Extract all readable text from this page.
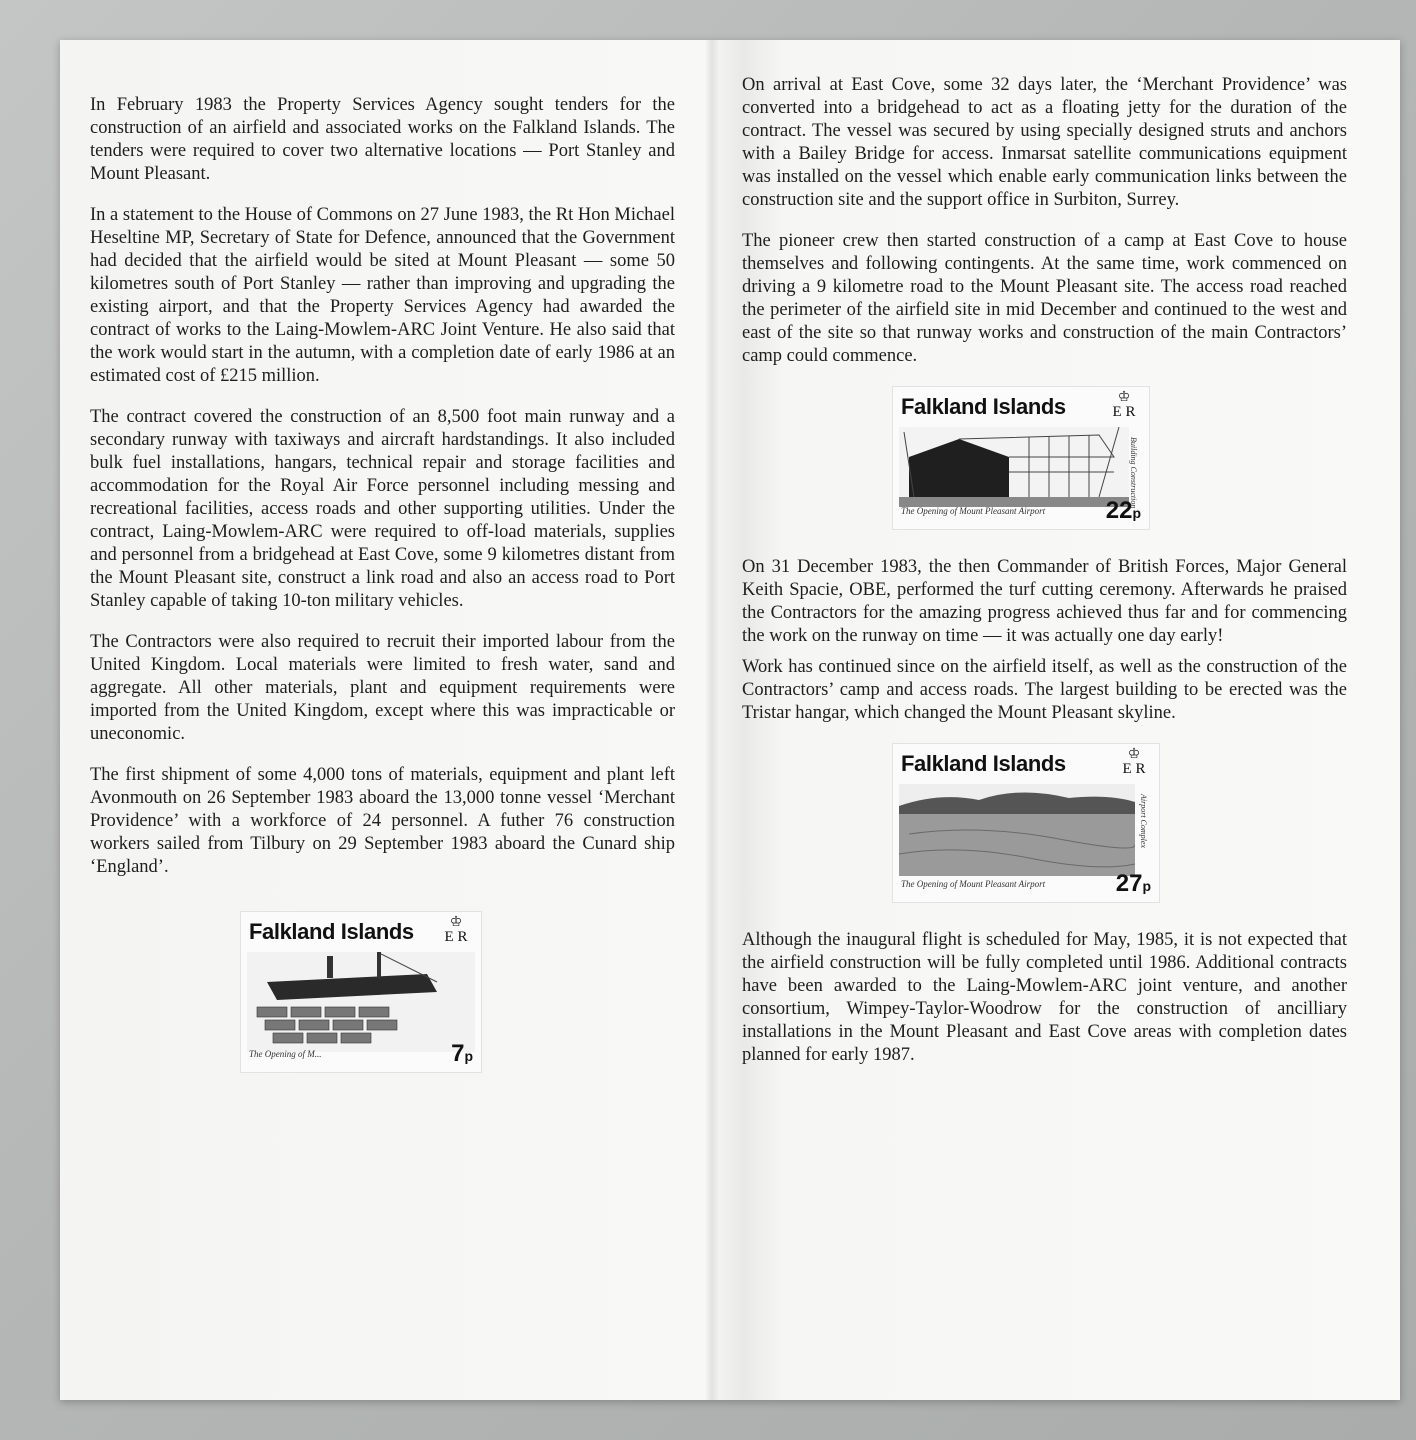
In February 1983 the Property Services Agency sought tenders for the construction of an airfield and associated works on the Falkland Islands. The tenders were required to cover two alternative locations — Port Stanley and Mount Pleasant.

In a statement to the House of Commons on 27 June 1983, the Rt Hon Michael Heseltine MP, Secretary of State for Defence, announced that the Government had decided that the airfield would be sited at Mount Pleasant — some 50 kilometres south of Port Stanley — rather than improving and upgrading the existing airport, and that the Property Services Agency had awarded the contract of works to the Laing-Mowlem-ARC Joint Venture. He also said that the work would start in the autumn, with a completion date of early 1986 at an estimated cost of £215 million.

The contract covered the construction of an 8,500 foot main runway and a secondary runway with taxiways and aircraft hardstandings. It also included bulk fuel installations, hangars, technical repair and storage facilities and accommodation for the Royal Air Force personnel including messing and recreational facilities, access roads and other supporting utilities. Under the contract, Laing-Mowlem-ARC were required to off-load materials, supplies and personnel from a bridgehead at East Cove, some 9 kilometres distant from the Mount Pleasant site, construct a link road and also an access road to Port Stanley capable of taking 10-ton military vehicles.

The Contractors were also required to recruit their imported labour from the United Kingdom. Local materials were limited to fresh water, sand and aggregate. All other materials, plant and equipment requirements were imported from the United Kingdom, except where this was impracticable or uneconomic.

The first shipment of some 4,000 tons of materials, equipment and plant left Avonmouth on 26 September 1983 aboard the 13,000 tonne vessel ‘Merchant Providence’ with a workforce of 24 personnel. A futher 76 construction workers sailed from Tilbury on 29 September 1983 aboard the Cunard ship ‘England’.

Falkland Islands	♔
E R
The Opening of M...	7p

On arrival at East Cove, some 32 days later, the ‘Merchant Providence’ was converted into a bridgehead to act as a floating jetty for the duration of the contract. The vessel was secured by using specially designed struts and anchors with a Bailey Bridge for access. Inmarsat satellite communications equipment was installed on the vessel which enable early communication links between the construction site and the support office in Surbiton, Surrey.

The pioneer crew then started construction of a camp at East Cove to house themselves and following contingents. At the same time, work commenced on driving a 9 kilometre road to the Mount Pleasant site. The access road reached the perimeter of the airfield site in mid December and continued to the west and east of the site so that runway works and construction of the main Contractors’ camp could commence.

Falkland Islands	♔
E R
Building Construction
The Opening of Mount Pleasant Airport	22p

On 31 December 1983, the then Commander of British Forces, Major General Keith Spacie, OBE, performed the turf cutting ceremony. Afterwards he praised the Contractors for the amazing progress achieved thus far and for commencing the work on the runway on time — it was actually one day early!

Work has continued since on the airfield itself, as well as the construction of the Contractors’ camp and access roads. The largest building to be erected was the Tristar hangar, which changed the Mount Pleasant skyline.

Falkland Islands	♔
E R
Airport Complex
The Opening of Mount Pleasant Airport	27p

Although the inaugural flight is scheduled for May, 1985, it is not expected that the airfield construction will be fully completed until 1986. Additional contracts have been awarded to the Laing-Mowlem-ARC joint venture, and another consortium, Wimpey-Taylor-Woodrow for the construction of ancilliary installations in the Mount Pleasant and East Cove areas with completion dates planned for early 1987.
